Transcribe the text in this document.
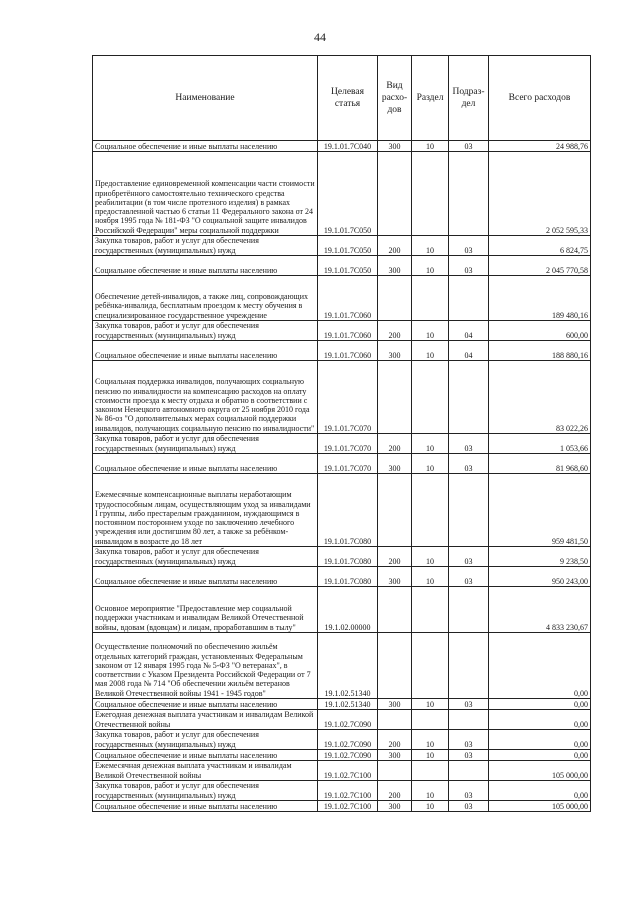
44
Наименование	Целевая статья	Вид расхо-дов	Раздел	Подраз-дел	Всего расходов
Социальное обеспечение и иные выплаты населению	19.1.01.7С040	300	10	03	24 988,76
Предоставление единовременной компенсации части стоимости приобретённого самостоятельно технического средства реабилитации (в том числе протезного изделия) в рамках предоставленной частью 6 статьи 11 Федерального закона от 24 ноября 1995 года № 181-ФЗ "О социальной защите инвалидов Российской Федерации" меры социальной поддержки	19.1.01.7С050				2 052 595,33
Закупка товаров, работ и услуг для обеспечения государственных (муниципальных) нужд	19.1.01.7С050	200	10	03	6 824,75
Социальное обеспечение и иные выплаты населению	19.1.01.7С050	300	10	03	2 045 770,58
Обеспечение детей-инвалидов, а также лиц, сопровождающих ребёнка-инвалида, бесплатным проездом к месту обучения в специализированное государственное учреждение	19.1.01.7С060				189 480,16
Закупка товаров, работ и услуг для обеспечения государственных (муниципальных) нужд	19.1.01.7С060	200	10	04	600,00
Социальное обеспечение и иные выплаты населению	19.1.01.7С060	300	10	04	188 880,16
Социальная поддержка инвалидов, получающих социальную пенсию по инвалидности на компенсацию расходов на оплату стоимости проезда к месту отдыха и обратно в соответствии с законом Ненецкого автономного округа от 25 ноября 2010 года № 86-оз "О дополнительных мерах социальной поддержки инвалидов, получающих социальную пенсию по инвалидности"	19.1.01.7С070				83 022,26
Закупка товаров, работ и услуг для обеспечения государственных (муниципальных) нужд	19.1.01.7С070	200	10	03	1 053,66
Социальное обеспечение и иные выплаты населению	19.1.01.7С070	300	10	03	81 968,60
Ежемесячные компенсационные выплаты неработающим трудоспособным лицам, осуществляющим уход за инвалидами I группы, либо престарелым гражданином, нуждающимся в постоянном постороннем уходе по заключению лечебного учреждения или достигшим 80 лет, а также за ребёнком-инвалидом в возрасте до 18 лет	19.1.01.7С080				959 481,50
Закупка товаров, работ и услуг для обеспечения государственных (муниципальных) нужд	19.1.01.7С080	200	10	03	9 238,50
Социальное обеспечение и иные выплаты населению	19.1.01.7С080	300	10	03	950 243,00
Основное мероприятие "Предоставление мер социальной поддержки участникам и инвалидам Великой Отечественной войны, вдовам (вдовцам) и лицам, проработавшим в тылу"	19.1.02.00000				4 833 230,67
Осуществление полномочий по обеспечению жильём отдельных категорий граждан, установленных Федеральным законом от 12 января 1995 года № 5-ФЗ "О ветеранах", в соответствии с Указом Президента Российской Федерации от 7 мая 2008 года № 714 "Об обеспечении жильём ветеранов Великой Отечественной войны 1941 - 1945 годов"	19.1.02.51340				0,00
Социальное обеспечение и иные выплаты населению	19.1.02.51340	300	10	03	0,00
Ежегодная денежная выплата участникам и инвалидам Великой Отечественной войны	19.1.02.7С090				0,00
Закупка товаров, работ и услуг для обеспечения государственных (муниципальных) нужд	19.1.02.7С090	200	10	03	0,00
Социальное обеспечение и иные выплаты населению	19.1.02.7С090	300	10	03	0,00
Ежемесячная денежная выплата участникам и инвалидам Великой Отечественной войны	19.1.02.7С100				105 000,00
Закупка товаров, работ и услуг для обеспечения государственных (муниципальных) нужд	19.1.02.7С100	200	10	03	0,00
Социальное обеспечение и иные выплаты населению	19.1.02.7С100	300	10	03	105 000,00
